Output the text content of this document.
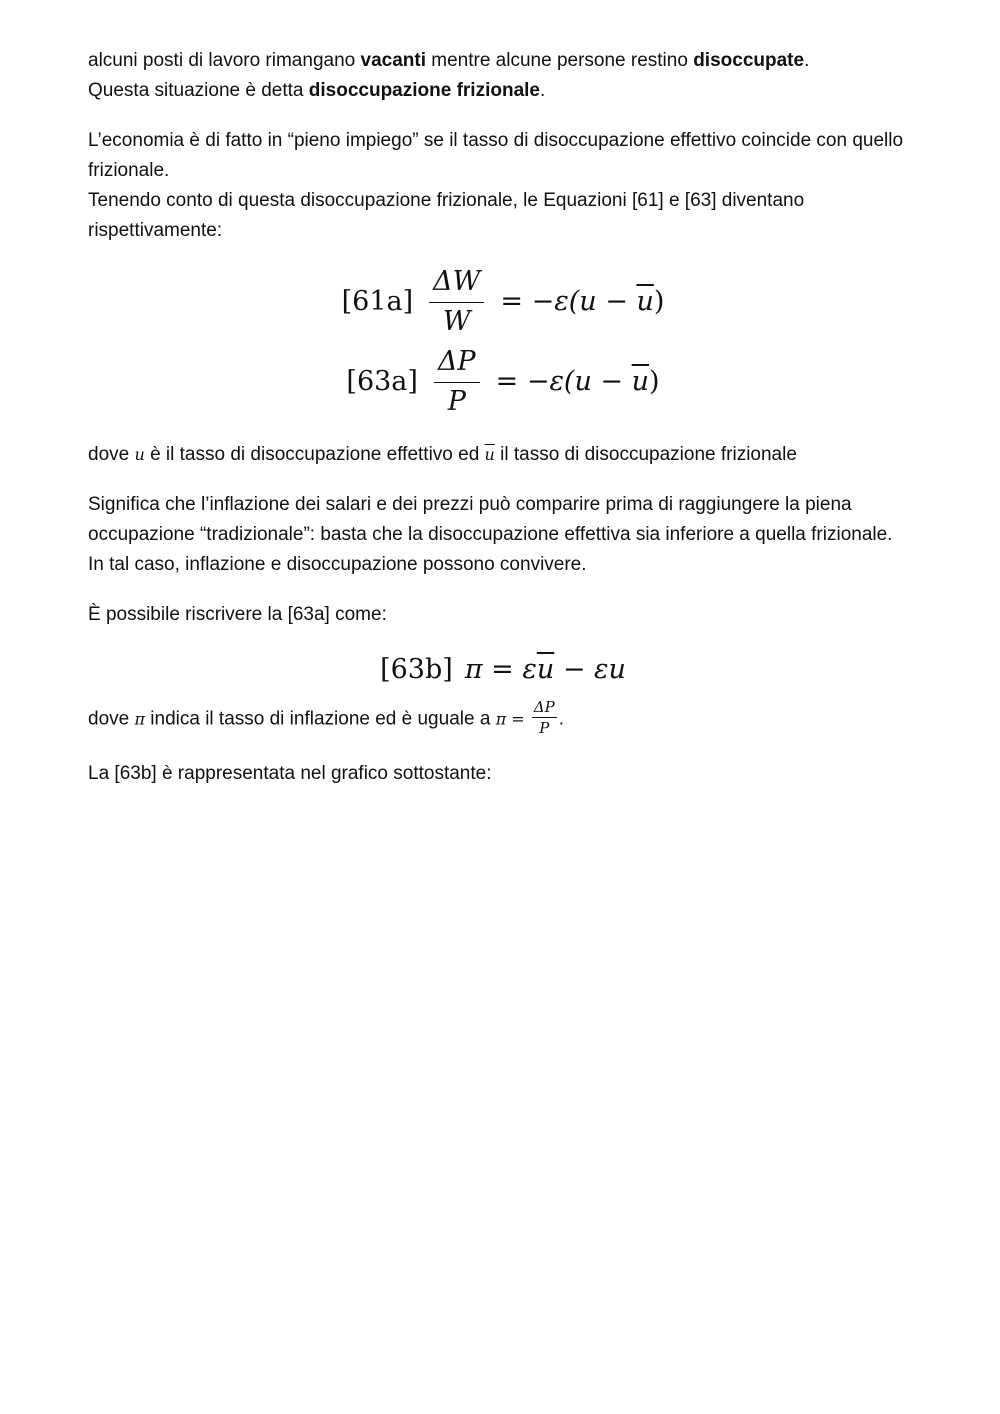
alcuni posti di lavoro rimangano vacanti mentre alcune persone restino disoccupate.
Questa situazione è detta disoccupazione frizionale.

L’economia è di fatto in “pieno impiego” se il tasso di disoccupazione effettivo coincide con quello frizionale.
Tenendo conto di questa disoccupazione frizionale, le Equazioni [61] e [63] diventano rispettivamente:

$[61a] \frac{\Delta W}{W} = -\varepsilon(u - \overline{u})$
$[63a] \frac{\Delta P}{P} = -\varepsilon(u - \overline{u})$

dove u è il tasso di disoccupazione effettivo ed $\overline{u}$ il tasso di disoccupazione frizionale

Significa che l’inflazione dei salari e dei prezzi può comparire prima di raggiungere la piena occupazione “tradizionale”: basta che la disoccupazione effettiva sia inferiore a quella frizionale.
In tal caso, inflazione e disoccupazione possono convivere.

È possibile riscrivere la [63a] come:

[63b] $\pi = \varepsilon\overline{u} - \varepsilon u$

dove π indica il tasso di inflazione ed è uguale a $\pi = \frac{\Delta P}{P}$ .

La [63b] è rappresentata nel grafico sottostante:
